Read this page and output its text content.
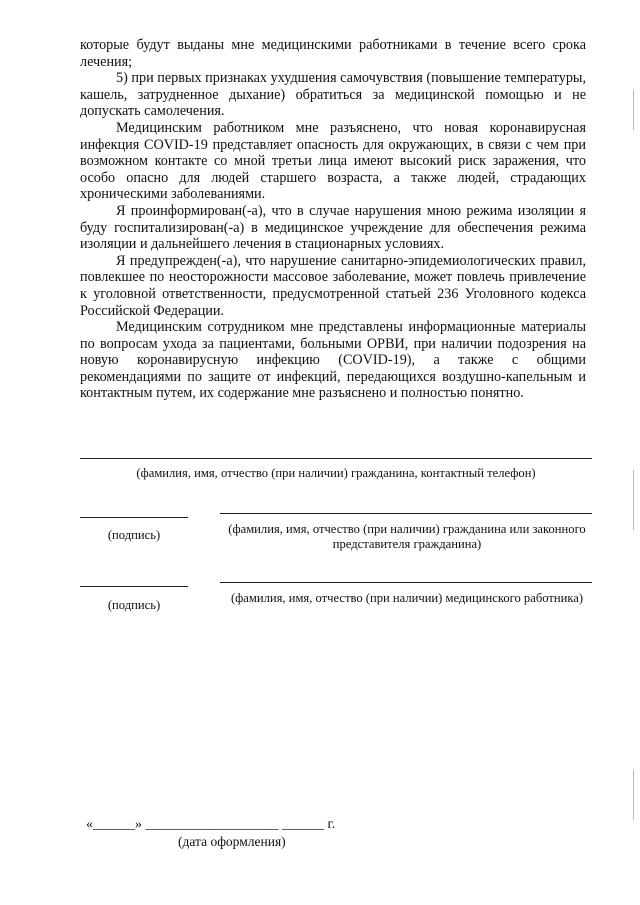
которые будут выданы мне медицинскими работниками в течение всего срока лечения;

5) при первых признаках ухудшения самочувствия (повышение температуры, кашель, затрудненное дыхание) обратиться за медицинской помощью и не допускать самолечения.

Медицинским работником мне разъяснено, что новая коронавирусная инфекция COVID-19 представляет опасность для окружающих, в связи с чем при возможном контакте со мной третьи лица имеют высокий риск заражения, что особо опасно для людей старшего возраста, а также людей, страдающих хроническими заболеваниями.

Я проинформирован(-а), что в случае нарушения мною режима изоляции я буду госпитализирован(-а) в медицинское учреждение для обеспечения режима изоляции и дальнейшего лечения в стационарных условиях.

Я предупрежден(-а), что нарушение санитарно-эпидемиологических правил, повлекшее по неосторожности массовое заболевание, может повлечь привлечение к уголовной ответственности, предусмотренной статьей 236 Уголовного кодекса Российской Федерации.

Медицинским сотрудником мне представлены информационные материалы по вопросам ухода за пациентами, больными ОРВИ, при наличии подозрения на новую коронавирусную инфекцию (COVID-19), а также с общими рекомендациями по защите от инфекций, передающихся воздушно-капельным и контактным путем, их содержание мне разъяснено и полностью понятно.

(фамилия, имя, отчество (при наличии) гражданина, контактный телефон)
(подпись)	(фамилия, имя, отчество (при наличии) гражданина или законного представителя гражданина)
(подпись)	(фамилия, имя, отчество (при наличии) медицинского работника)
«______» ___________________ ______ г.
(дата оформления)
